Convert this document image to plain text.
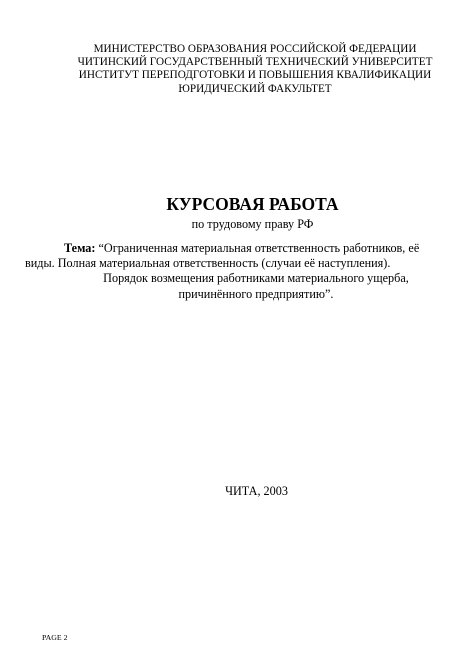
МИНИСТЕРСТВО ОБРАЗОВАНИЯ РОССИЙСКОЙ ФЕДЕРАЦИИ
ЧИТИНСКИЙ ГОСУДАРСТВЕННЫЙ ТЕХНИЧЕСКИЙ УНИВЕРСИТЕТ
ИНСТИТУТ ПЕРЕПОДГОТОВКИ И ПОВЫШЕНИЯ КВАЛИФИКАЦИИ
ЮРИДИЧЕСКИЙ ФАКУЛЬТЕТ
КУРСОВАЯ РАБОТА
по трудовому праву РФ
Тема: “Ограниченная материальная ответственность работников, её
виды. Полная материальная ответственность (случаи её наступления).
Порядок возмещения работниками материального ущерба,
причинённого предприятию”.
ЧИТА, 2003
PAGE 2
